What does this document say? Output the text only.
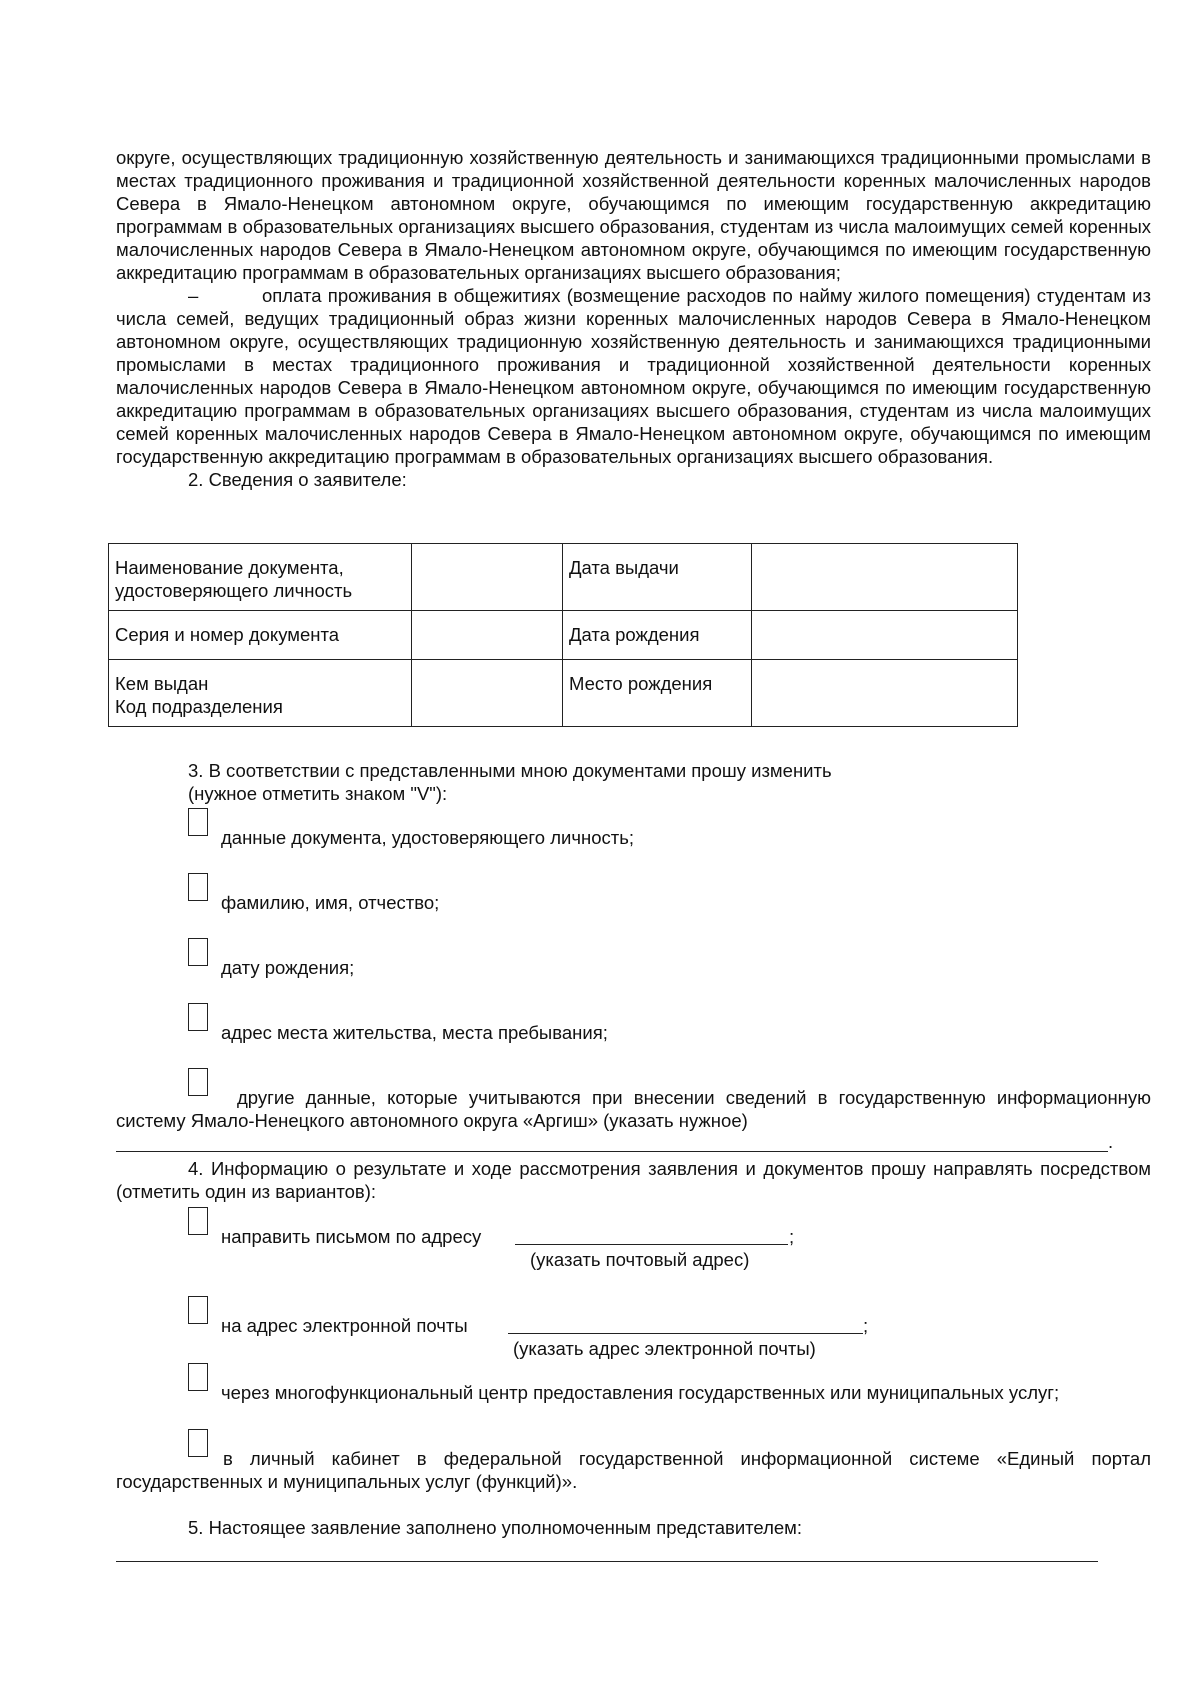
округе, осуществляющих традиционную хозяйственную деятельность и занимающихся традиционными промыслами в местах традиционного проживания и традиционной хозяйственной деятельности коренных малочисленных народов Севера в Ямало-Ненецком автономном округе, обучающимся по имеющим государственную аккредитацию программам в образовательных организациях высшего образования, студентам из числа малоимущих семей коренных малочисленных народов Севера в Ямало-Ненецком автономном округе, обучающимся по имеющим государственную аккредитацию программам в образовательных организациях высшего образования;

–	оплата проживания в общежитиях (возмещение расходов по найму жилого помещения) студентам из числа семей, ведущих традиционный образ жизни коренных малочисленных народов Севера в Ямало-Ненецком автономном округе, осуществляющих традиционную хозяйственную деятельность и занимающихся традиционными промыслами в местах традиционного проживания и традиционной хозяйственной деятельности коренных малочисленных народов Севера в Ямало-Ненецком автономном округе, обучающимся по имеющим государственную аккредитацию программам в образовательных организациях высшего образования, студентам из числа малоимущих семей коренных малочисленных народов Севера в Ямало-Ненецком автономном округе, обучающимся по имеющим государственную аккредитацию программам в образовательных организациях высшего образования.

2. Сведения о заявителе:

Наименование документа,
удостоверяющего личность		Дата выдачи	
Серия и номер документа		Дата рождения	
Кем выдан
Код подразделения		Место рождения	
3. В соответствии с представленными мною документами прошу изменить
(нужное отметить знаком "V"):
данные документа, удостоверяющего личность;
фамилию, имя, отчество;
дату рождения;
адрес места жительства, места пребывания;

другие данные, которые учитываются при внесении сведений в государственную информационную систему Ямало-Ненецкого автономного округа «Аргиш» (указать нужное)

.

4. Информацию о результате и ходе рассмотрения заявления и документов прошу направлять посредством (отметить один из вариантов):

направить письмом по адресу	;
(указать почтовый адрес)
на адрес электронной почты	;
(указать адрес электронной почты)
через многофункциональный центр предоставления государственных или муниципальных услуг;

в личный кабинет в федеральной государственной информационной системе «Единый портал государственных и муниципальных услуг (функций)».

5. Настоящее заявление заполнено уполномоченным представителем:
